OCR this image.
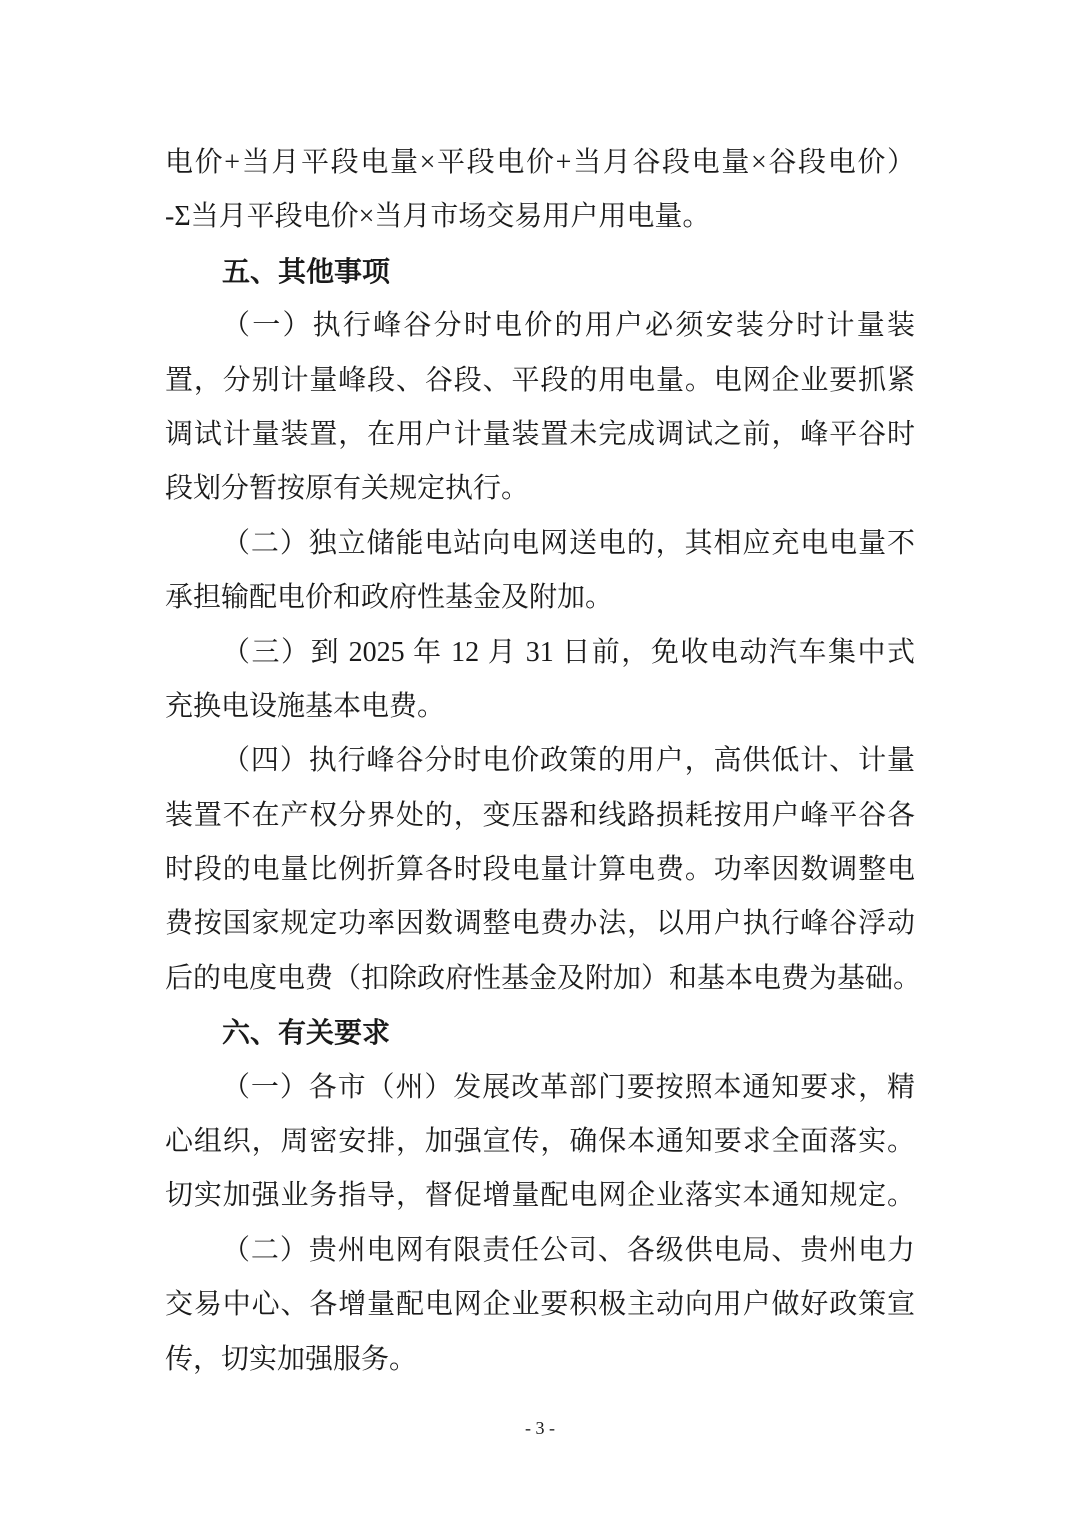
电价+当月平段电量×平段电价+当月谷段电量×谷段电价）
-Σ当月平段电价×当月市场交易用户用电量。
五、其他事项
（一）执行峰谷分时电价的用户必须安装分时计量装
置，分别计量峰段、谷段、平段的用电量。电网企业要抓紧
调试计量装置，在用户计量装置未完成调试之前，峰平谷时
段划分暂按原有关规定执行。
（二）独立储能电站向电网送电的，其相应充电电量不
承担输配电价和政府性基金及附加。
（三）到 2025 年 12 月 31 日前，免收电动汽车集中式
充换电设施基本电费。
（四）执行峰谷分时电价政策的用户，高供低计、计量
装置不在产权分界处的，变压器和线路损耗按用户峰平谷各
时段的电量比例折算各时段电量计算电费。功率因数调整电
费按国家规定功率因数调整电费办法，以用户执行峰谷浮动
后的电度电费（扣除政府性基金及附加）和基本电费为基础。
六、有关要求
（一）各市（州）发展改革部门要按照本通知要求，精
心组织，周密安排，加强宣传，确保本通知要求全面落实。
切实加强业务指导，督促增量配电网企业落实本通知规定。
（二）贵州电网有限责任公司、各级供电局、贵州电力
交易中心、各增量配电网企业要积极主动向用户做好政策宣
传，切实加强服务。
- 3 -
